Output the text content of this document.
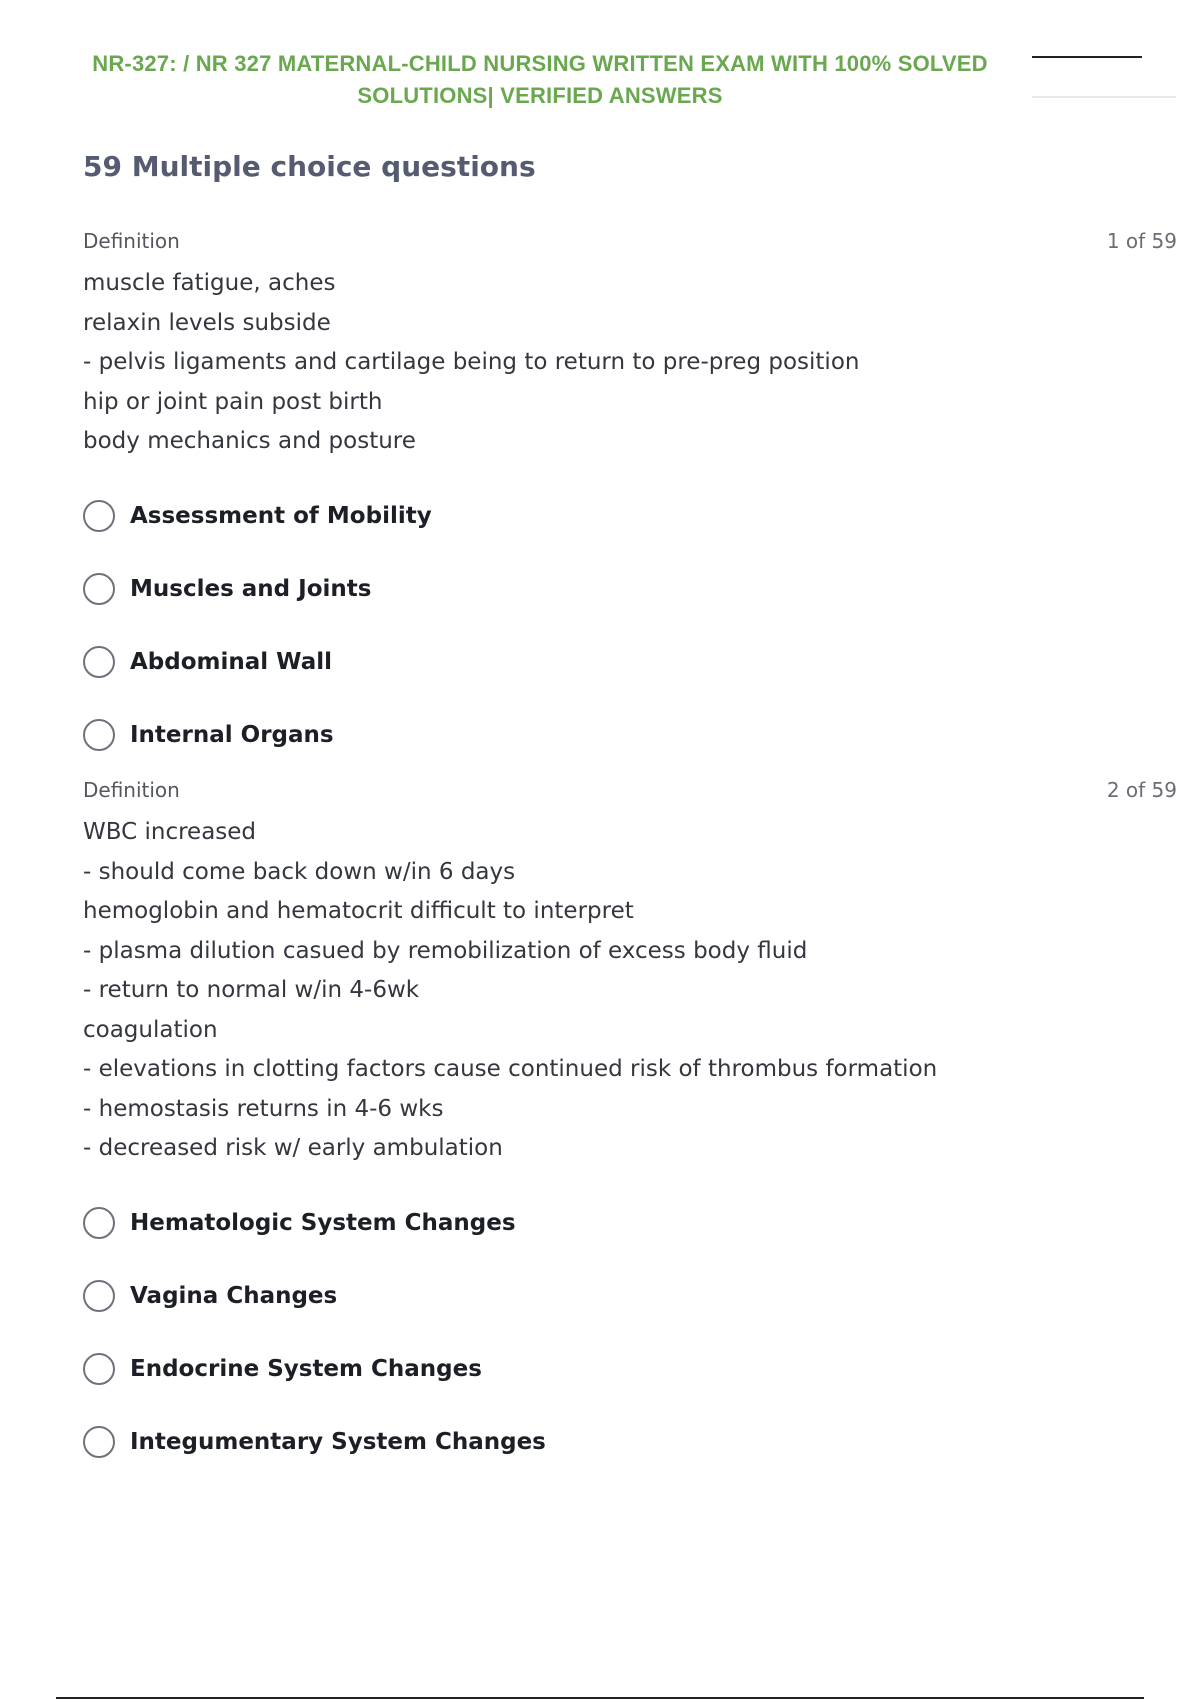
NR-327: / NR 327 MATERNAL-CHILD NURSING WRITTEN EXAM WITH 100% SOLVED
SOLUTIONS| VERIFIED ANSWERS
59 Multiple choice questions
Definition	1 of 59
muscle fatigue, aches
relaxin levels subside
- pelvis ligaments and cartilage being to return to pre-preg position
hip or joint pain post birth
body mechanics and posture
Assessment of Mobility
Muscles and Joints
Abdominal Wall
Internal Organs
Definition	2 of 59
WBC increased
- should come back down w/in 6 days
hemoglobin and hematocrit difficult to interpret
- plasma dilution casued by remobilization of excess body fluid
- return to normal w/in 4-6wk
coagulation
- elevations in clotting factors cause continued risk of thrombus formation
- hemostasis returns in 4-6 wks
- decreased risk w/ early ambulation
Hematologic System Changes
Vagina Changes
Endocrine System Changes
Integumentary System Changes
